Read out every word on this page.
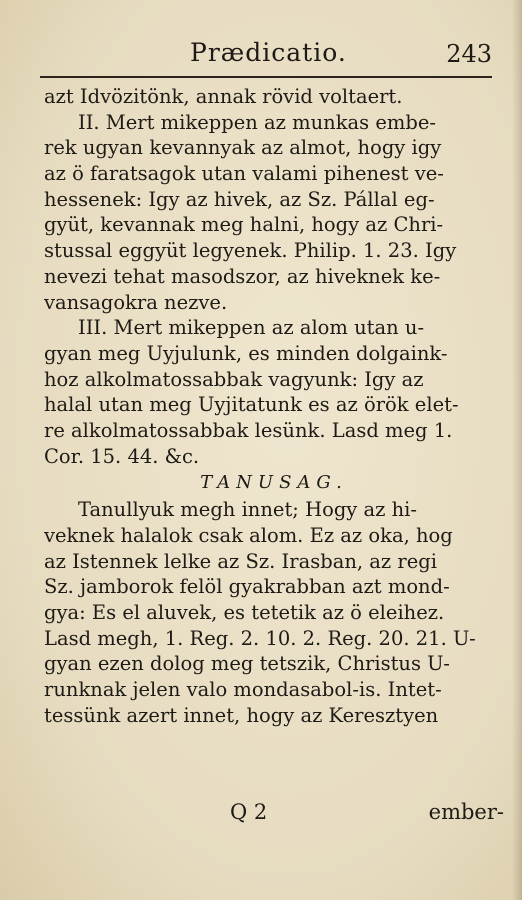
Prædicatio.	243
azt Idvözitönk, annak rövid voltaert.
II. Mert mikeppen az munkas embe-
rek ugyan kevannyak az almot, hogy igy
az ö faratsagok utan valami pihenest ve-
hessenek: Igy az hivek, az Sz. Pállal eg-
gyüt, kevannak meg halni, hogy az Chri-
stussal eggyüt legyenek. Philip. 1. 23. Igy
nevezi tehat masodszor, az hiveknek ke-
vansagokra nezve.
III. Mert mikeppen az alom utan u-
gyan meg Uyjulunk, es minden dolgaink-
hoz alkolmatossabbak vagyunk: Igy az
halal utan meg Uyjitatunk es az örök elet-
re alkolmatossabbak lesünk. Lasd meg 1.
Cor. 15. 44. &c.
TANUSAG.
Tanullyuk megh innet; Hogy az hi-
veknek halalok csak alom. Ez az oka, hog
az Istennek lelke az Sz. Irasban, az regi
Sz. jamborok felöl gyakrabban azt mond-
gya: Es el aluvek, es tetetik az ö eleihez.
Lasd megh, 1. Reg. 2. 10. 2. Reg. 20. 21. U-
gyan ezen dolog meg tetszik, Christus U-
runknak jelen valo mondasabol-is. Intet-
tessünk azert innet, hogy az Keresztyen
Q 2	ember-
